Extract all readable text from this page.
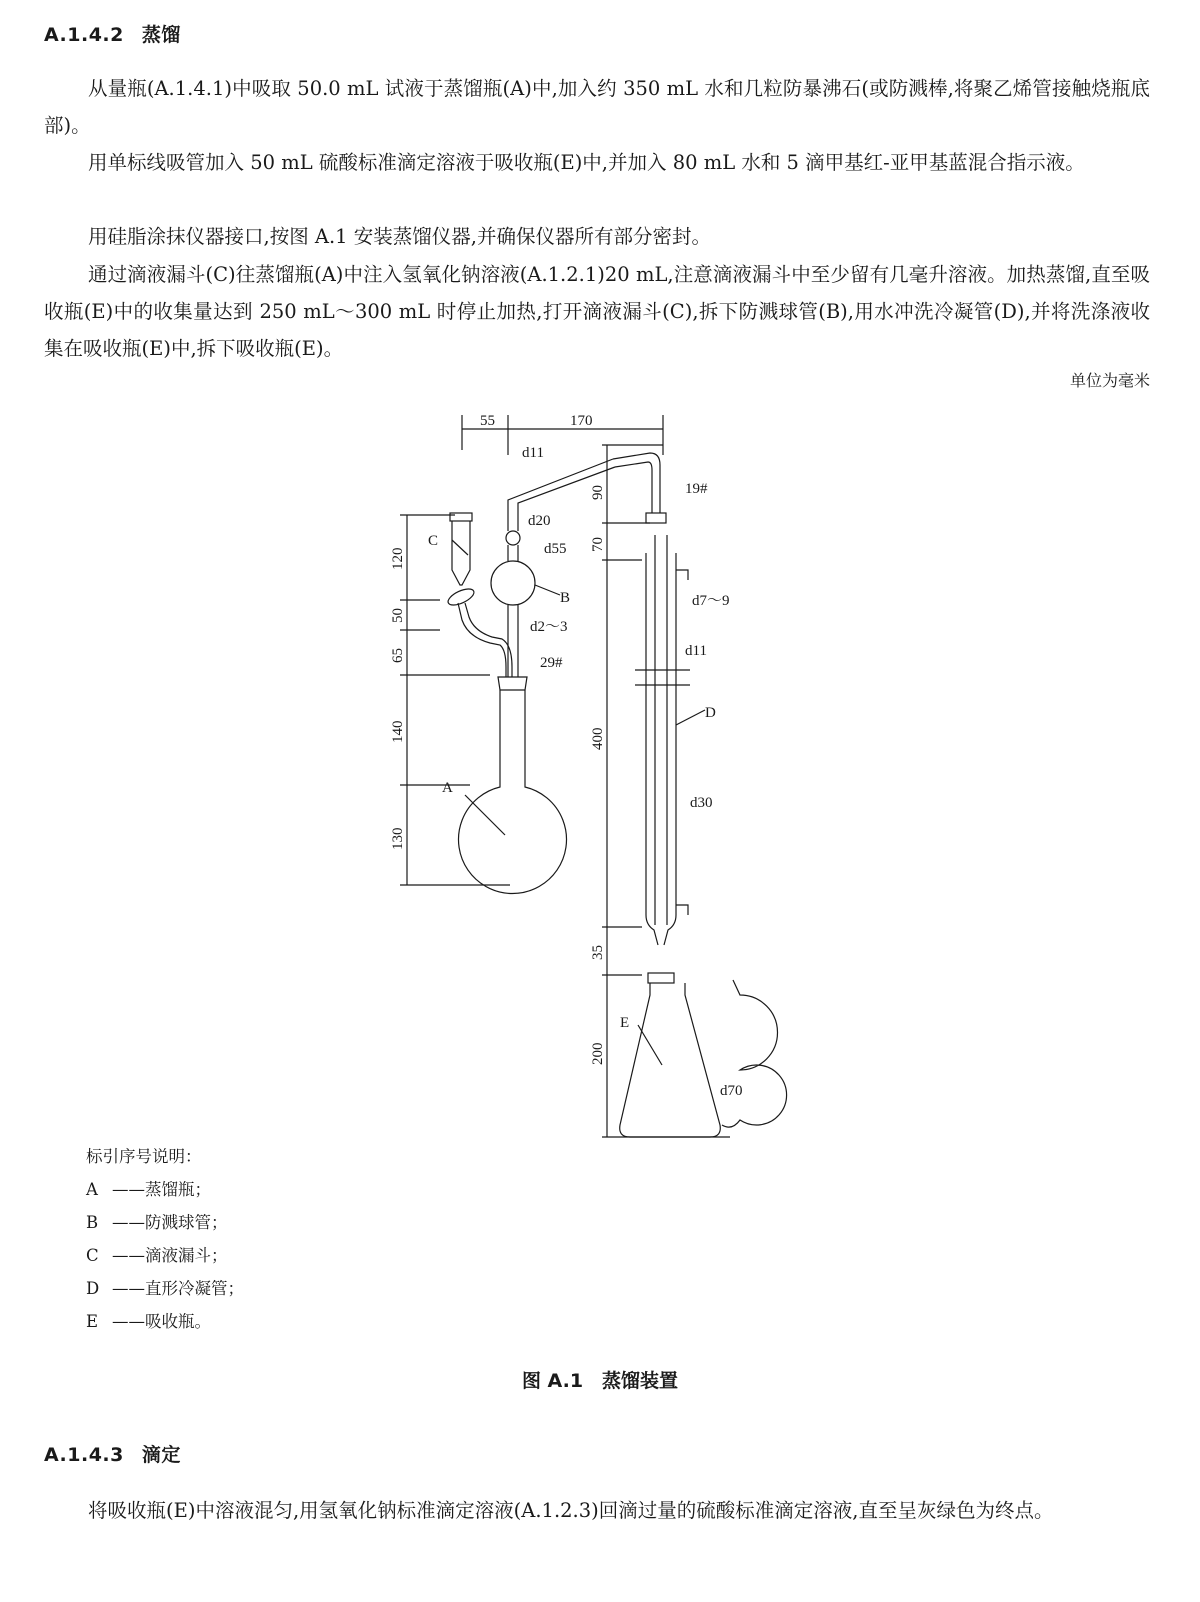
A.1.4.2 蒸馏

从量瓶(A.1.4.1)中吸取 50.0 mL 试液于蒸馏瓶(A)中,加入约 350 mL 水和几粒防暴沸石(或防溅棒,将聚乙烯管接触烧瓶底部)。

用单标线吸管加入 50 mL 硫酸标准滴定溶液于吸收瓶(E)中,并加入 80 mL 水和 5 滴甲基红-亚甲基蓝混合指示液。

用硅脂涂抹仪器接口,按图 A.1 安装蒸馏仪器,并确保仪器所有部分密封。

通过滴液漏斗(C)往蒸馏瓶(A)中注入氢氧化钠溶液(A.1.2.1)20 mL,注意滴液漏斗中至少留有几毫升溶液。加热蒸馏,直至吸收瓶(E)中的收集量达到 250 mL～300 mL 时停止加热,打开滴液漏斗(C),拆下防溅球管(B),用水冲洗冷凝管(D),并将洗涤液收集在吸收瓶(E)中,拆下吸收瓶(E)。

单位为毫米
55	170
120
50
65
140
130
90
70
400
35
200
A
C
B
d20
d55
d2～3
d11
29#
19#
D
d7～9
d11
d30
E
d70
标引序号说明：
A ——蒸馏瓶；
B ——防溅球管；
C ——滴液漏斗；
D ——直形冷凝管；
E ——吸收瓶。
图 A.1　蒸馏装置
A.1.4.3 滴定

将吸收瓶(E)中溶液混匀,用氢氧化钠标准滴定溶液(A.1.2.3)回滴过量的硫酸标准滴定溶液,直至呈灰绿色为终点。
